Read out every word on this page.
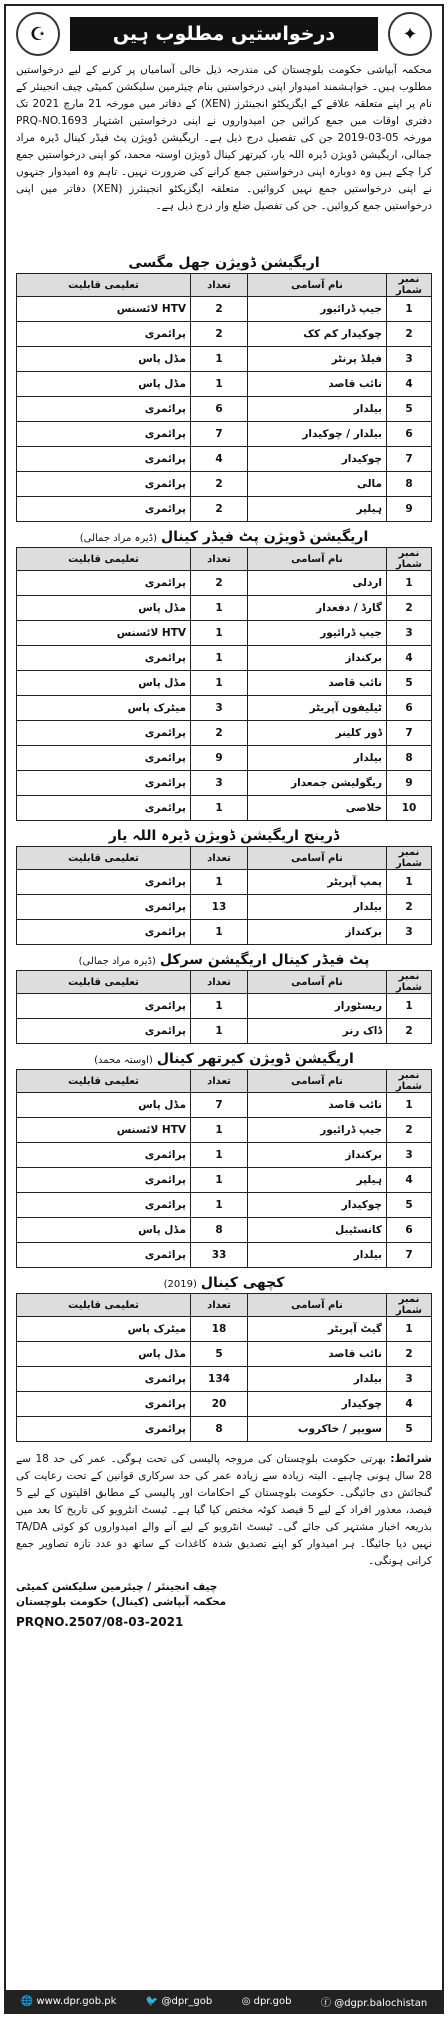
☪	درخواستیں مطلوب ہیں	✦
محکمہ آبپاشی حکومت بلوچستان کی مندرجہ ذیل خالی آسامیاں پر کرنے کے لیے درخواستیں مطلوب ہیں۔ خواہشمند امیدوار اپنی درخواستیں بنام چیئرمین سلیکشن کمیٹی چیف انجینئر کے نام پر اپنے متعلقہ علاقے کے ایگزیکٹو انجینئرز (XEN) کے دفاتر میں مورخہ 21 مارچ 2021 تک دفتری اوقات میں جمع کرائیں جن امیدواروں نے اپنی درخواستیں اشتہار PRQ-NO.1693 مورخہ 05-03-2019 جن کی تفصیل درج ذیل ہے۔ اریگیشن ڈویژن پٹ فیڈر کینال ڈیرہ مراد جمالی، اریگیشن ڈویژن ڈیرہ اللہ یار، کیرتھر کینال ڈویژن اوستہ محمد، کو اپنی درخواستیں جمع کرا چکے ہیں وہ دوبارہ اپنی درخواستیں جمع کرانے کی ضرورت نہیں۔ تاہم وہ امیدوار جنہوں نے اپنی درخواستیں جمع نہیں کروائیں۔ متعلقہ ایگزیکٹو انجینئرز (XEN) دفاتر میں اپنی درخواستیں جمع کروائیں۔ جن کی تفصیل ضلع وار درج ذیل ہے۔
اریگیشن ڈویژن جھل مگسی
نمبر شمار	نام آسامی	تعداد	تعلیمی قابلیت
1	جیپ ڈرائیور	2	HTV لائسنس
2	چوکیدار کم کک	2	پرائمری
3	فیلڈ پرنٹر	1	مڈل پاس
4	نائب قاصد	1	مڈل پاس
5	بیلدار	6	پرائمری
6	بیلدار / چوکیدار	7	پرائمری
7	چوکیدار	4	پرائمری
8	مالی	2	پرائمری
9	ہیلپر	2	پرائمری
اریگیشن ڈویژن پٹ فیڈر کینال(ڈیرہ مراد جمالی)
نمبر شمار	نام آسامی	تعداد	تعلیمی قابلیت
1	اردلی	2	پرائمری
2	گارڈ / دفعدار	1	مڈل پاس
3	جیپ ڈرائیور	1	HTV لائسنس
4	برکنداز	1	پرائمری
5	نائب قاصد	1	مڈل پاس
6	ٹیلیفون آپریٹر	3	میٹرک پاس
7	ڈور کلینر	2	پرائمری
8	بیلدار	9	پرائمری
9	ریگولیشن جمعدار	3	پرائمری
10	خلاصی	1	پرائمری
ڈرینج اریگیشن ڈویژن ڈیرہ اللہ یار
نمبر شمار	نام آسامی	تعداد	تعلیمی قابلیت
1	پمپ آپریٹر	1	پرائمری
2	بیلدار	13	پرائمری
3	برکنداز	1	پرائمری
پٹ فیڈر کینال اریگیشن سرکل(ڈیرہ مراد جمالی)
نمبر شمار	نام آسامی	تعداد	تعلیمی قابلیت
1	ریسٹورار	1	پرائمری
2	ڈاک رنر	1	پرائمری
اریگیشن ڈویژن کیرتھر کینال(اوستہ محمد)
نمبر شمار	نام آسامی	تعداد	تعلیمی قابلیت
1	نائب قاصد	7	مڈل پاس
2	جیپ ڈرائیور	1	HTV لائسنس
3	برکنداز	1	پرائمری
4	ہیلپر	1	پرائمری
5	چوکیدار	1	پرائمری
6	کانسٹیبل	8	مڈل پاس
7	بیلدار	33	پرائمری
کچھی کینال(2019)
نمبر شمار	نام آسامی	تعداد	تعلیمی قابلیت
1	گیٹ آپریٹر	18	میٹرک پاس
2	نائب قاصد	5	مڈل پاس
3	بیلدار	134	پرائمری
4	چوکیدار	20	پرائمری
5	سویپر / خاکروب	8	پرائمری
شرائط: بھرتی حکومت بلوچستان کی مروجہ پالیسی کی تحت ہوگی۔ عمر کی حد 18 سے 28 سال ہونی چاہیے۔ البتہ زیادہ سے زیادہ عمر کی حد سرکاری قوانین کے تحت رعایت کی گنجائش دی جائیگی۔ حکومت بلوچستان کے احکامات اور پالیسی کے مطابق اقلیتوں کے لیے 5 فیصد، معذور افراد کے لیے 5 فیصد کوٹہ مختص کیا گیا ہے۔ ٹیسٹ انٹرویو کی تاریخ کا بعد میں بذریعہ اخبار مشتہر کی جائے گی۔ ٹیسٹ انٹرویو کے لیے آنے والے امیدواروں کو کوئی TA/DA نہیں دیا جائیگا۔ ہر امیدوار کو اپنے تصدیق شدہ کاغذات کے ساتھ دو عدد تازہ تصاویر جمع کرانی ہونگی۔
چیف انجینئر / چیئرمین سلیکشن کمیٹی
محکمہ آبپاشی (کینال) حکومت بلوچستان
PRQNO.2507/08-03-2021
🌐 www.dpr.gob.pk	🐦 @dpr_gob	◎ dpr.gob	ⓕ @dgpr.balochistan
